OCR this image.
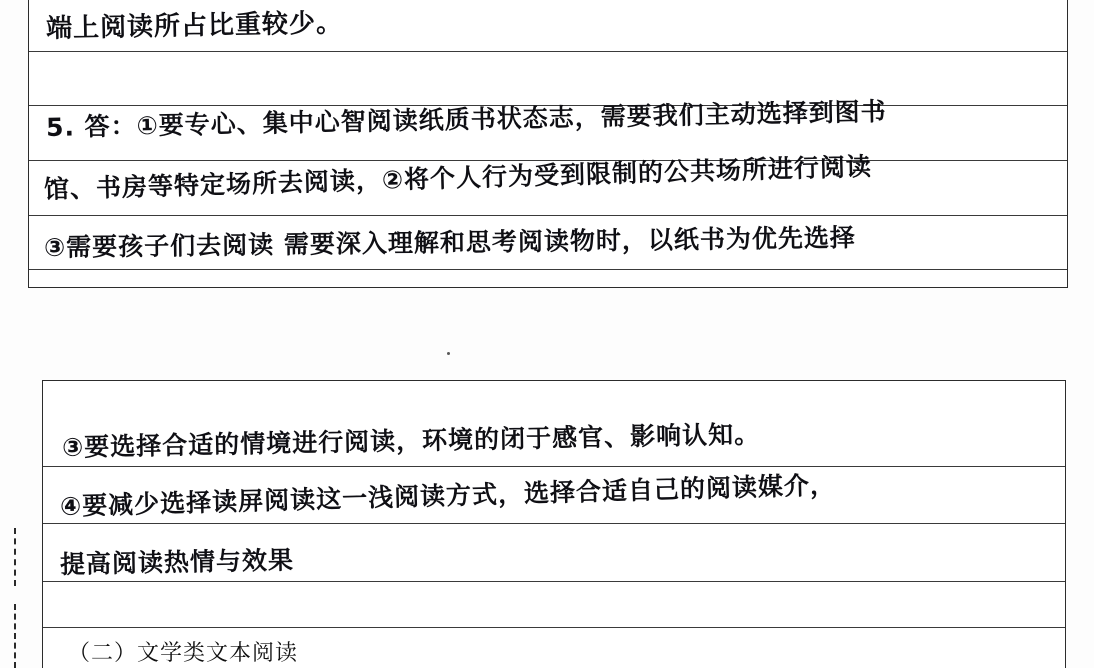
端上阅读所占比重较少。
5. 答：①要专心、集中心智阅读纸质书状态志，需要我们主动选择到图书
馆、书房等特定场所去阅读，②将个人行为受到限制的公共场所进行阅读
③需要孩子们去阅读 需要深入理解和思考阅读物时，以纸书为优先选择
③要选择合适的情境进行阅读，环境的闭于感官、影响认知。
④要减少选择读屏阅读这一浅阅读方式，选择合适自己的阅读媒介，
提高阅读热情与效果
（二）文学类文本阅读
